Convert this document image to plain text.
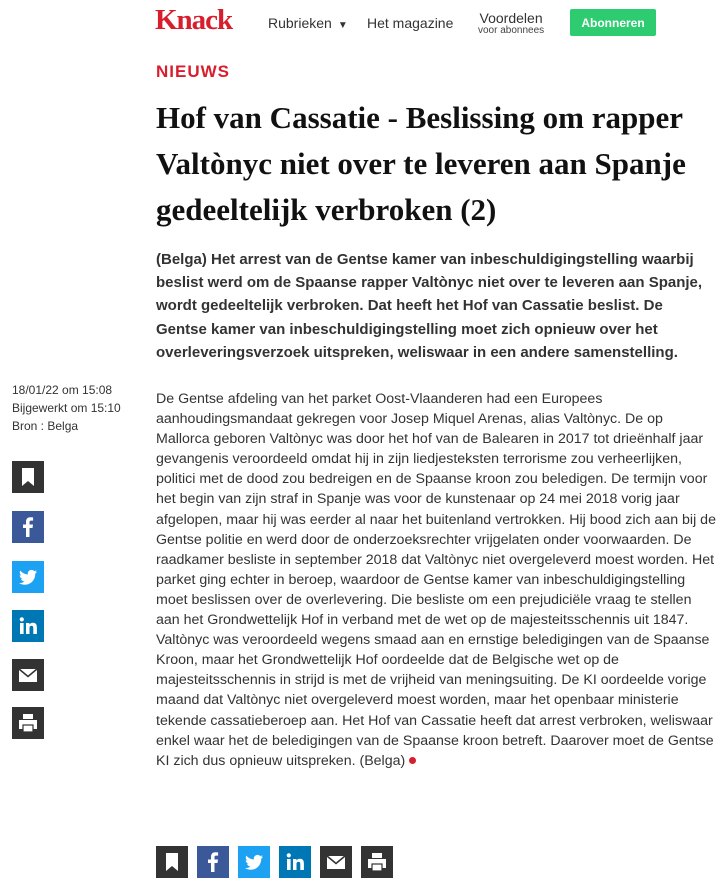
Knack	Rubrieken ▼ Het magazine Voordelen
voor abonnees
Abonneren
NIEUWS
Hof van Cassatie - Beslissing om rapper Valtònyc niet over te leveren aan Spanje gedeeltelijk verbroken (2)

(Belga) Het arrest van de Gentse kamer van inbeschuldigingstelling waarbij beslist werd om de Spaanse rapper Valtònyc niet over te leveren aan Spanje, wordt gedeeltelijk verbroken. Dat heeft het Hof van Cassatie beslist. De Gentse kamer van inbeschuldigingstelling moet zich opnieuw over het overleveringsverzoek uitspreken, weliswaar in een andere samenstelling.

De Gentse afdeling van het parket Oost-Vlaanderen had een Europees aanhoudingsmandaat gekregen voor Josep Miquel Arenas, alias Valtònyc. De op Mallorca geboren Valtònyc was door het hof van de Balearen in 2017 tot drieënhalf jaar gevangenis veroordeeld omdat hij in zijn liedjesteksten terrorisme zou verheerlijken, politici met de dood zou bedreigen en de Spaanse kroon zou beledigen. De termijn voor het begin van zijn straf in Spanje was voor de kunstenaar op 24 mei 2018 vorig jaar afgelopen, maar hij was eerder al naar het buitenland vertrokken. Hij bood zich aan bij de Gentse politie en werd door de onderzoeksrechter vrijgelaten onder voorwaarden. De raadkamer besliste in september 2018 dat Valtònyc niet overgeleverd moest worden. Het parket ging echter in beroep, waardoor de Gentse kamer van inbeschuldigingstelling moet beslissen over de overlevering. Die besliste om een prejudiciële vraag te stellen aan het Grondwettelijk Hof in verband met de wet op de majesteitsschennis uit 1847. Valtònyc was veroordeeld wegens smaad aan en ernstige beledigingen van de Spaanse Kroon, maar het Grondwettelijk Hof oordeelde dat de Belgische wet op de majesteitsschennis in strijd is met de vrijheid van meningsuiting. De KI oordeelde vorige maand dat Valtònyc niet overgeleverd moest worden, maar het openbaar ministerie tekende cassatieberoep aan. Het Hof van Cassatie heeft dat arrest verbroken, weliswaar enkel waar het de beledigingen van de Spaanse kroon betreft. Daarover moet de Gentse KI zich dus opnieuw uitspreken. (Belga)

18/01/22 om 15:08
Bijgewerkt om 15:10
Bron : Belga
